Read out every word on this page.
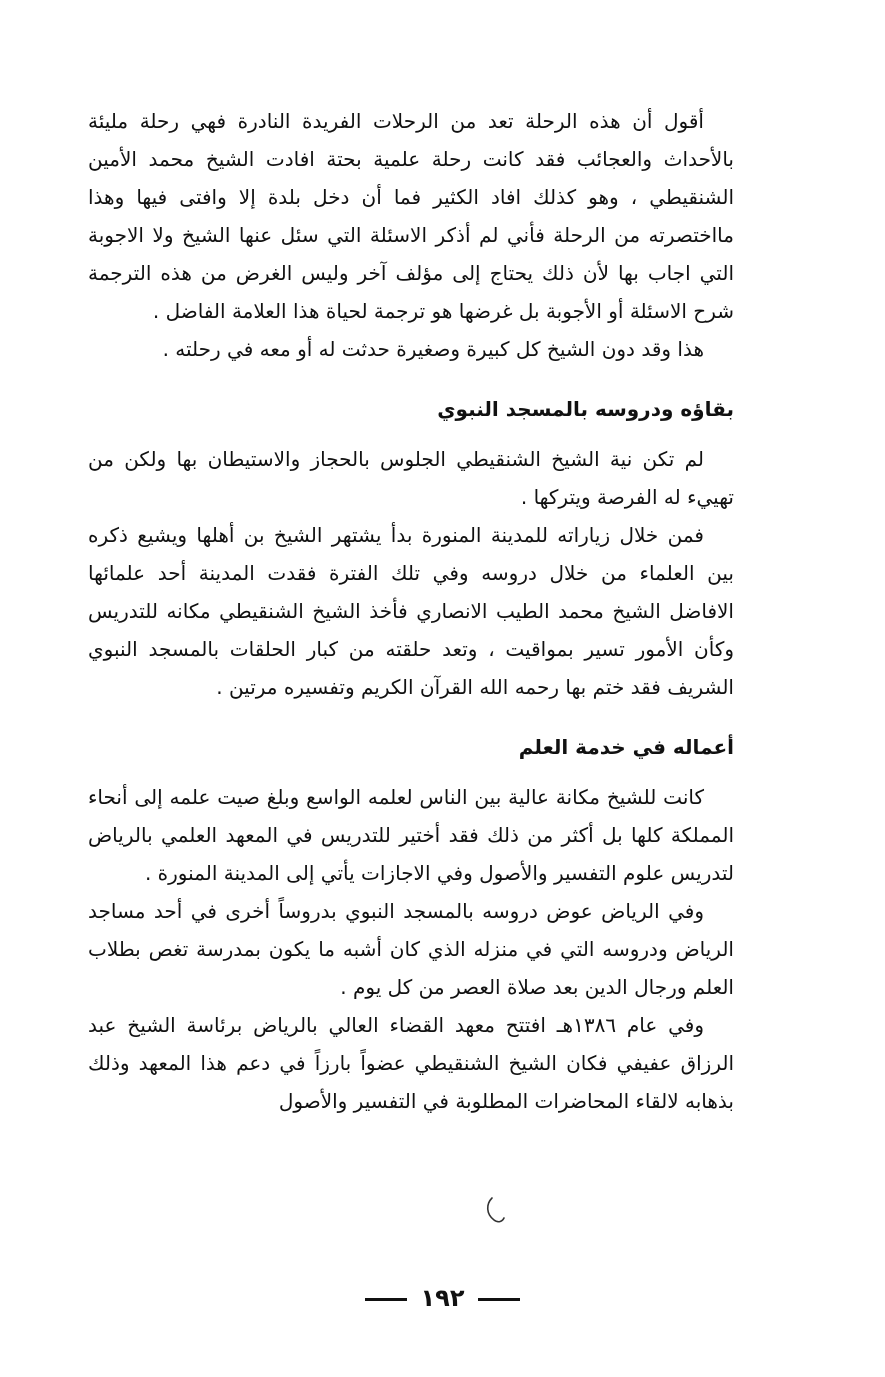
أقول أن هذه الرحلة تعد من الرحلات الفريدة النادرة فهي رحلة مليئة بالأحداث والعجائب فقد كانت رحلة علمية بحتة افادت الشيخ محمد الأمين الشنقيطي ، وهو كذلك افاد الكثير فما أن دخل بلدة إلا وافتى فيها وهذا مااختصرته من الرحلة فأني لم أذكر الاسئلة التي سئل عنها الشيخ ولا الاجوبة التي اجاب بها لأن ذلك يحتاج إلى مؤلف آخر وليس الغرض من هذه الترجمة شرح الاسئلة أو الأجوبة بل غرضها هو ترجمة لحياة هذا العلامة الفاضل .

هذا وقد دون الشيخ كل كبيرة وصغيرة حدثت له أو معه في رحلته .

بقاؤه ودروسه بالمسجد النبوي

لم تكن نية الشيخ الشنقيطي الجلوس بالحجاز والاستيطان بها ولكن من تهييء له الفرصة ويتركها .

فمن خلال زياراته للمدينة المنورة بدأ يشتهر الشيخ بن أهلها ويشيع ذكره بين العلماء من خلال دروسه وفي تلك الفترة فقدت المدينة أحد علمائها الافاضل الشيخ محمد الطيب الانصاري فأخذ الشيخ الشنقيطي مكانه للتدريس وكأن الأمور تسير بمواقيت ، وتعد حلقته من كبار الحلقات بالمسجد النبوي الشريف فقد ختم بها رحمه الله القرآن الكريم وتفسيره مرتين .

أعماله في خدمة العلم

كانت للشيخ مكانة عالية بين الناس لعلمه الواسع وبلغ صيت علمه إلى أنحاء المملكة كلها بل أكثر من ذلك فقد أختير للتدريس في المعهد العلمي بالرياض لتدريس علوم التفسير والأصول وفي الاجازات يأتي إلى المدينة المنورة .

وفي الرياض عوض دروسه بالمسجد النبوي بدروساً أخرى في أحد مساجد الرياض ودروسه التي في منزله الذي كان أشبه ما يكون بمدرسة تغص بطلاب العلم ورجال الدين بعد صلاة العصر من كل يوم .

وفي عام ١٣٨٦هـ افتتح معهد القضاء العالي بالرياض برئاسة الشيخ عبد الرزاق عفيفي فكان الشيخ الشنقيطي عضواً بارزاً في دعم هذا المعهد وذلك بذهابه لالقاء المحاضرات المطلوبة في التفسير والأصول

١٩٢
